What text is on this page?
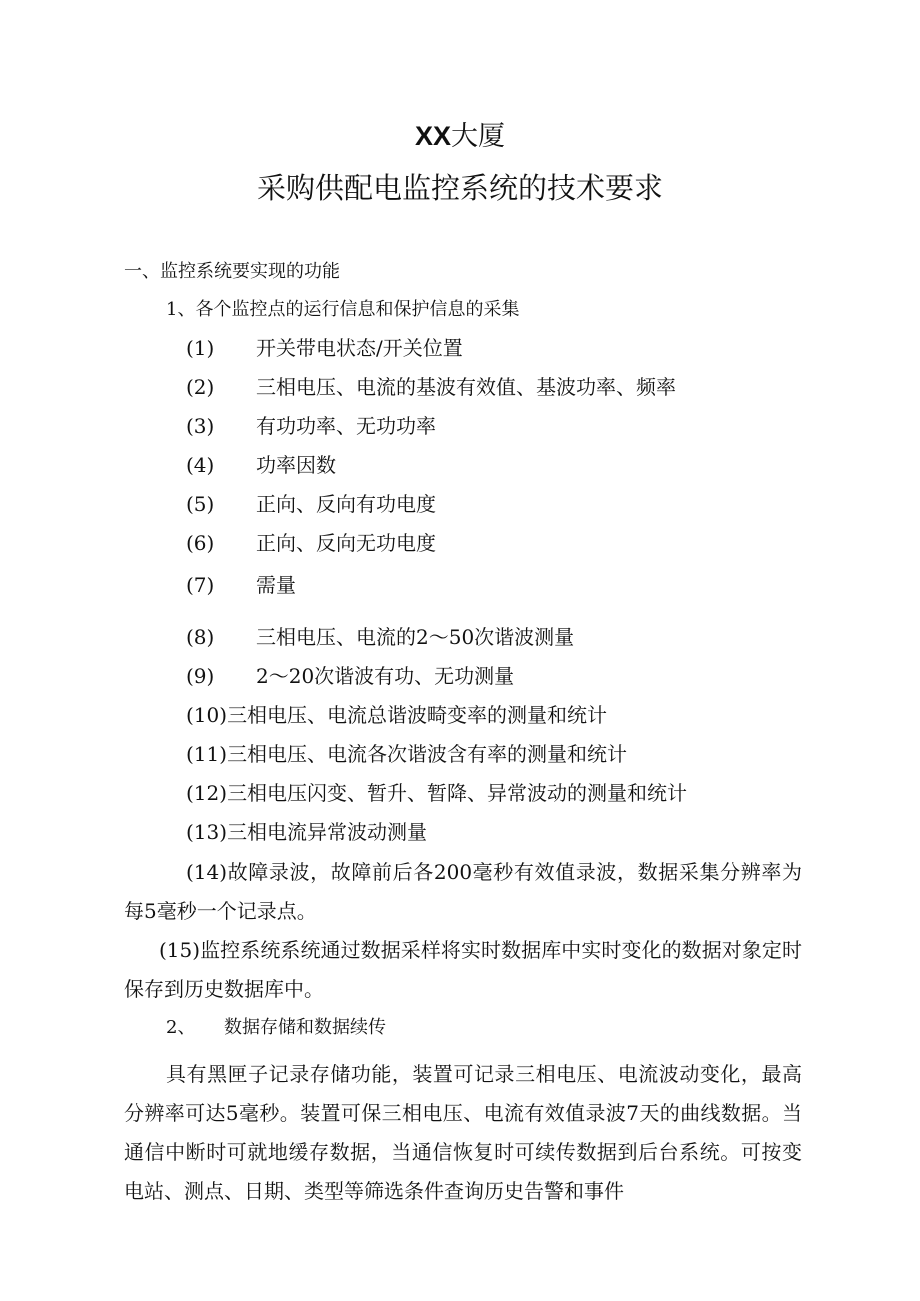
XX大厦
采购供配电监控系统的技术要求
一、监控系统要实现的功能
1、各个监控点的运行信息和保护信息的采集
(1) 开关带电状态/开关位置
(2) 三相电压、电流的基波有效值、基波功率、频率
(3) 有功功率、无功功率
(4) 功率因数
(5) 正向、反向有功电度
(6) 正向、反向无功电度
(7) 需量
(8) 三相电压、电流的2～50次谐波测量
(9) 2～20次谐波有功、无功测量
(10)三相电压、电流总谐波畸变率的测量和统计
(11)三相电压、电流各次谐波含有率的测量和统计
(12)三相电压闪变、暂升、暂降、异常波动的测量和统计
(13)三相电流异常波动测量
(14)故障录波，故障前后各200毫秒有效值录波，数据采集分辨率为每5毫秒一个记录点。
(15)监控系统系统通过数据采样将实时数据库中实时变化的数据对象定时保存到历史数据库中。
2、 数据存储和数据续传
具有黑匣子记录存储功能，装置可记录三相电压、电流波动变化，最高分辨率可达5毫秒。装置可保三相电压、电流有效值录波7天的曲线数据。当通信中断时可就地缓存数据，当通信恢复时可续传数据到后台系统。可按变电站、测点、日期、类型等筛选条件查询历史告警和事件
